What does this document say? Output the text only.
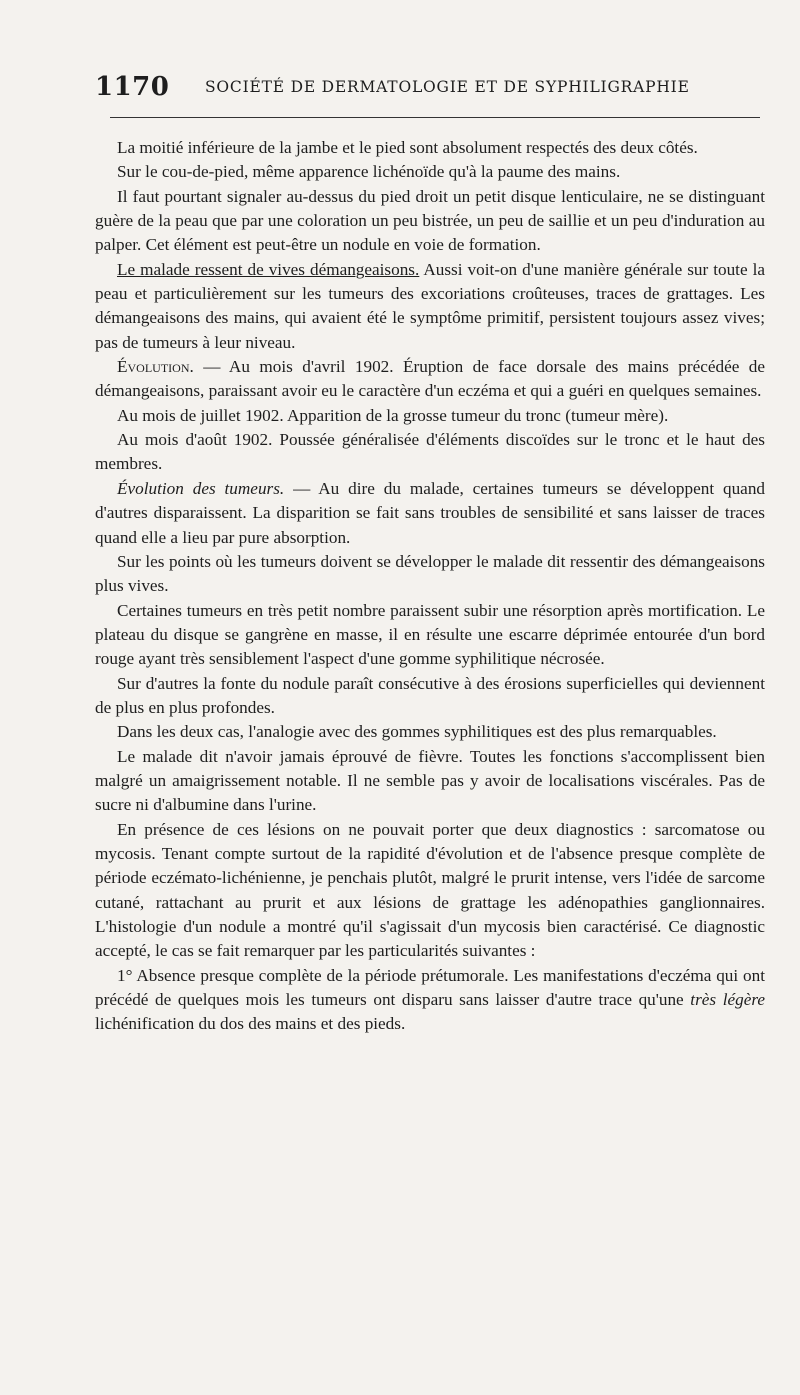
1170 SOCIÉTÉ DE DERMATOLOGIE ET DE SYPHILIGRAPHIE

La moitié inférieure de la jambe et le pied sont absolument respectés des deux côtés.

Sur le cou-de-pied, même apparence lichénoïde qu'à la paume des mains.

Il faut pourtant signaler au-dessus du pied droit un petit disque lenticulaire, ne se distinguant guère de la peau que par une coloration un peu bistrée, un peu de saillie et un peu d'induration au palper. Cet élément est peut-être un nodule en voie de formation.

Le malade ressent de vives démangeaisons. Aussi voit-on d'une manière générale sur toute la peau et particulièrement sur les tumeurs des excoriations croûteuses, traces de grattages. Les démangeaisons des mains, qui avaient été le symptôme primitif, persistent toujours assez vives; pas de tumeurs à leur niveau.

Évolution. — Au mois d'avril 1902. Éruption de face dorsale des mains précédée de démangeaisons, paraissant avoir eu le caractère d'un eczéma et qui a guéri en quelques semaines.

Au mois de juillet 1902. Apparition de la grosse tumeur du tronc (tumeur mère).

Au mois d'août 1902. Poussée généralisée d'éléments discoïdes sur le tronc et le haut des membres.

Évolution des tumeurs. — Au dire du malade, certaines tumeurs se développent quand d'autres disparaissent. La disparition se fait sans troubles de sensibilité et sans laisser de traces quand elle a lieu par pure absorption.

Sur les points où les tumeurs doivent se développer le malade dit ressentir des démangeaisons plus vives.

Certaines tumeurs en très petit nombre paraissent subir une résorption après mortification. Le plateau du disque se gangrène en masse, il en résulte une escarre déprimée entourée d'un bord rouge ayant très sensiblement l'aspect d'une gomme syphilitique nécrosée.

Sur d'autres la fonte du nodule paraît consécutive à des érosions superficielles qui deviennent de plus en plus profondes.

Dans les deux cas, l'analogie avec des gommes syphilitiques est des plus remarquables.

Le malade dit n'avoir jamais éprouvé de fièvre. Toutes les fonctions s'accomplissent bien malgré un amaigrissement notable. Il ne semble pas y avoir de localisations viscérales. Pas de sucre ni d'albumine dans l'urine.

En présence de ces lésions on ne pouvait porter que deux diagnostics : sarcomatose ou mycosis. Tenant compte surtout de la rapidité d'évolution et de l'absence presque complète de période eczémato-lichénienne, je penchais plutôt, malgré le prurit intense, vers l'idée de sarcome cutané, rattachant au prurit et aux lésions de grattage les adénopathies ganglionnaires. L'histologie d'un nodule a montré qu'il s'agissait d'un mycosis bien caractérisé. Ce diagnostic accepté, le cas se fait remarquer par les particularités suivantes :

1° Absence presque complète de la période prétumorale. Les manifestations d'eczéma qui ont précédé de quelques mois les tumeurs ont disparu sans laisser d'autre trace qu'une très légère lichénification du dos des mains et des pieds.
